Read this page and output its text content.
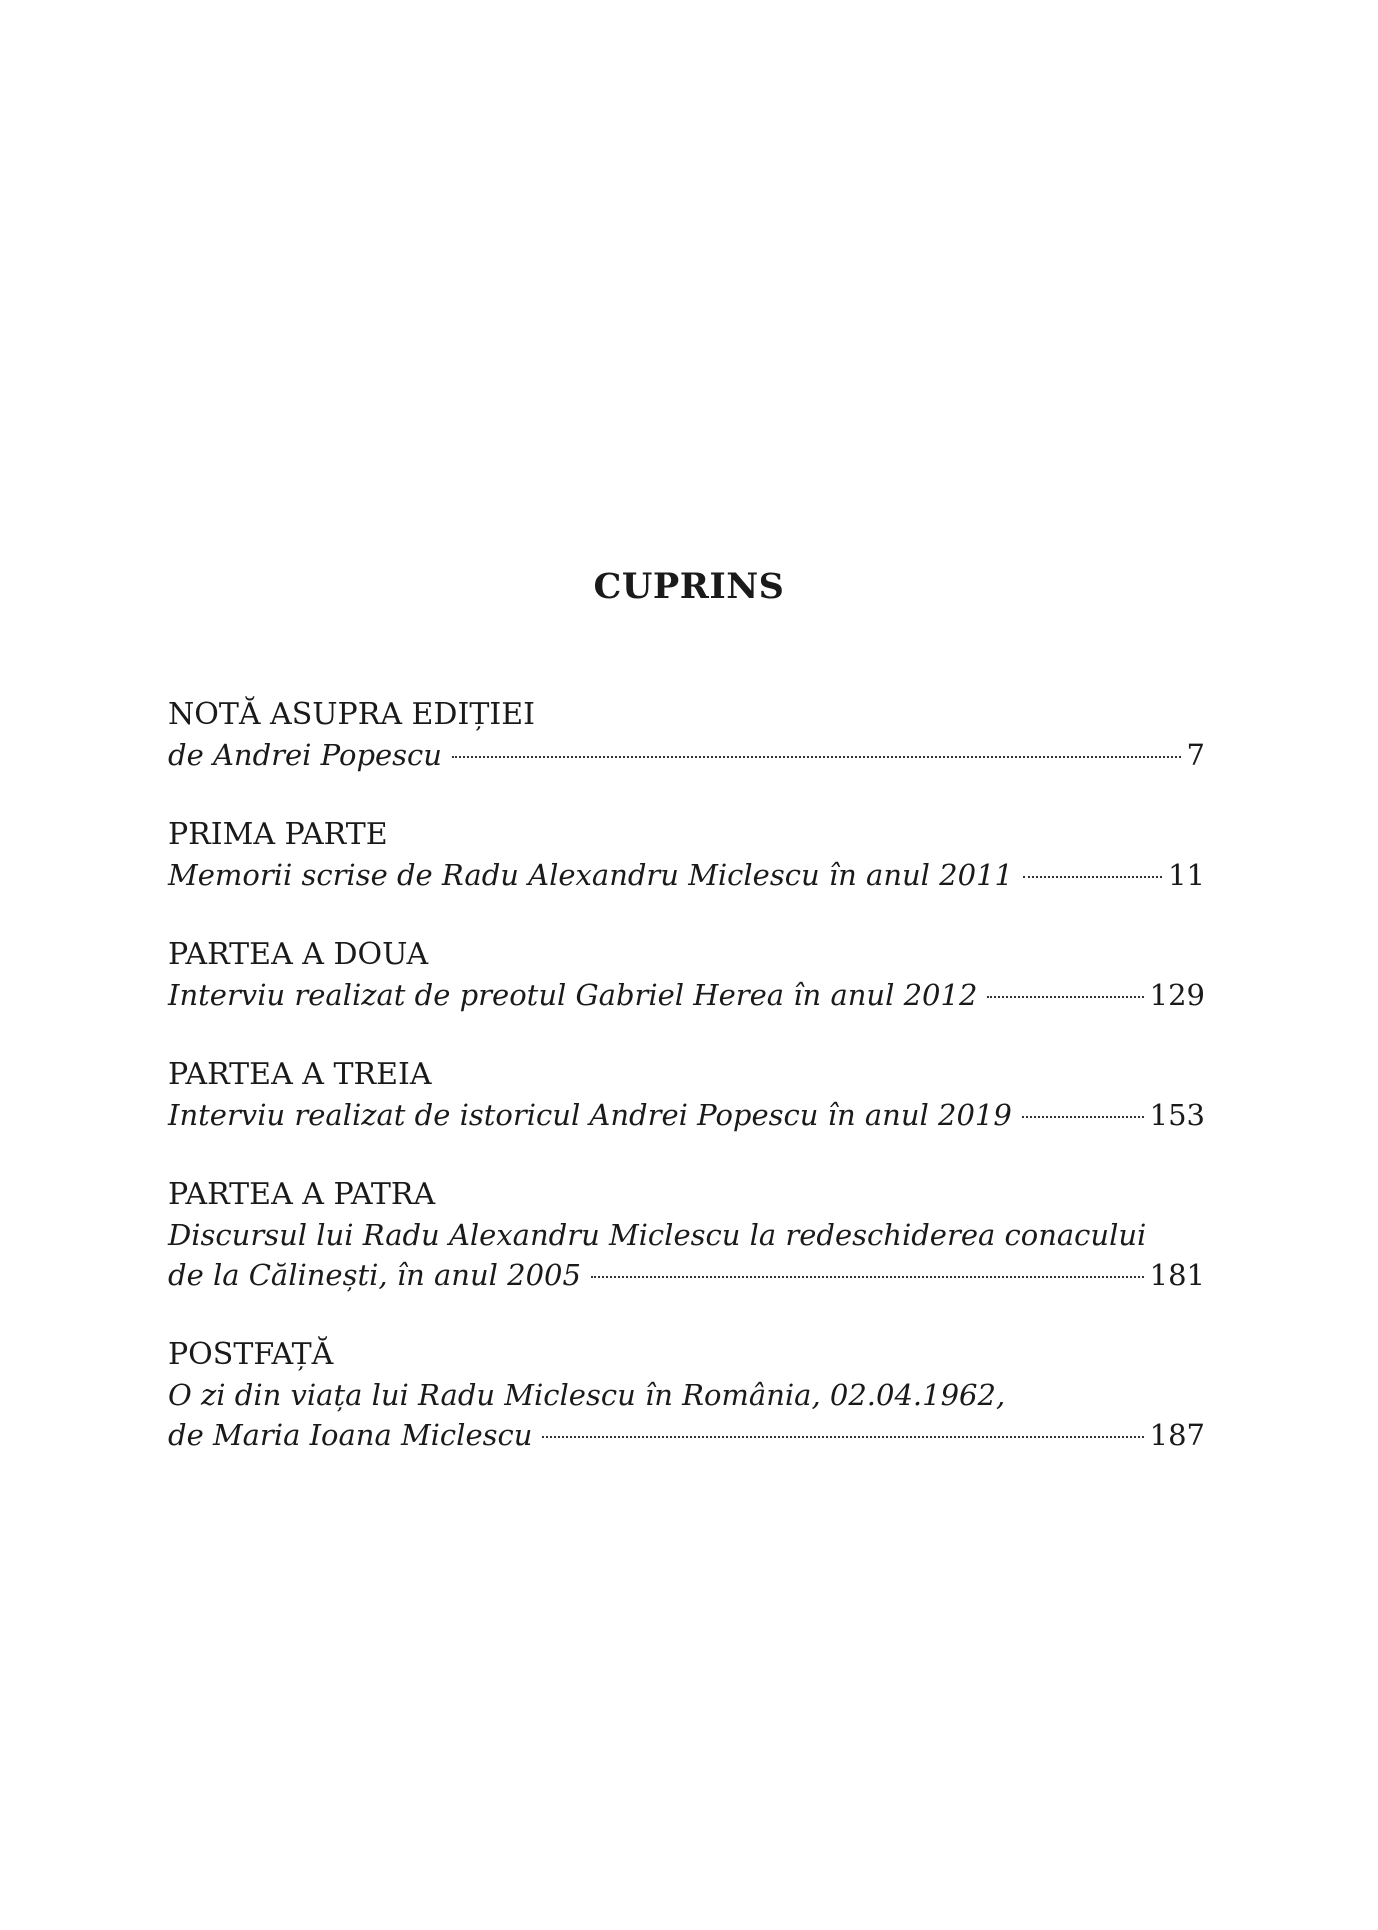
CUPRINS
NOTĂ ASUPRA EDIȚIEI
de Andrei Popescu	7
PRIMA PARTE
Memorii scrise de Radu Alexandru Miclescu în anul 2011	11
PARTEA A DOUA
Interviu realizat de preotul Gabriel Herea în anul 2012	129
PARTEA A TREIA
Interviu realizat de istoricul Andrei Popescu în anul 2019	153
PARTEA A PATRA
Discursul lui Radu Alexandru Miclescu la redeschiderea conacului
de la Călinești, în anul 2005	181
POSTFAȚĂ
O zi din viața lui Radu Miclescu în România, 02.04.1962,
de Maria Ioana Miclescu	187
